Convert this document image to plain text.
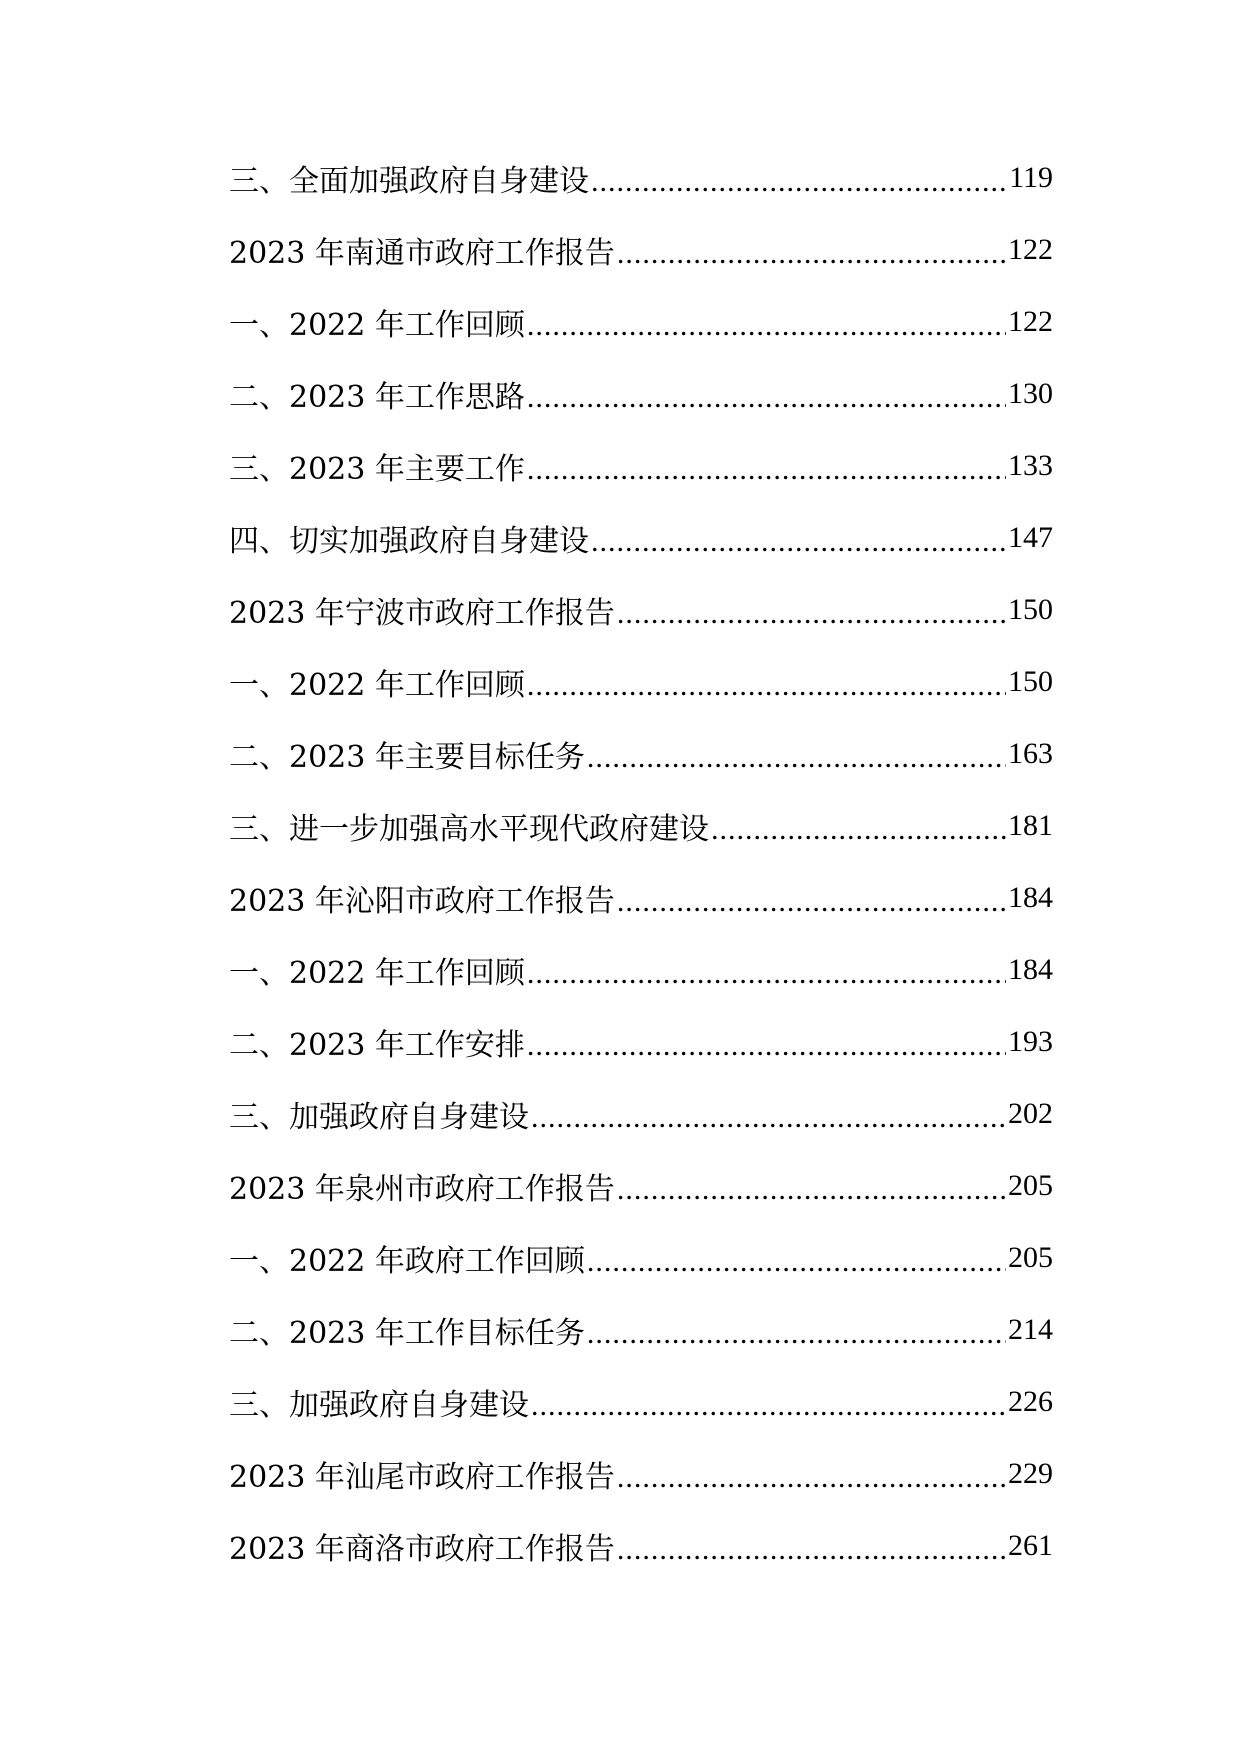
三、全面加强政府自身建设 .....	119
2023 年南通市政府工作报告 .....	122
一、2022 年工作回顾 .....	122
二、2023 年工作思路 .....	130
三、2023 年主要工作 .....	133
四、切实加强政府自身建设 .....	147
2023 年宁波市政府工作报告 .....	150
一、2022 年工作回顾 .....	150
二、2023 年主要目标任务 .....	163
三、进一步加强高水平现代政府建设 .....	181
2023 年沁阳市政府工作报告 .....	184
一、2022 年工作回顾 .....	184
二、2023 年工作安排 .....	193
三、加强政府自身建设 .....	202
2023 年泉州市政府工作报告 .....	205
一、2022 年政府工作回顾 .....	205
二、2023 年工作目标任务 .....	214
三、加强政府自身建设 .....	226
2023 年汕尾市政府工作报告 .....	229
2023 年商洛市政府工作报告 .....	261
